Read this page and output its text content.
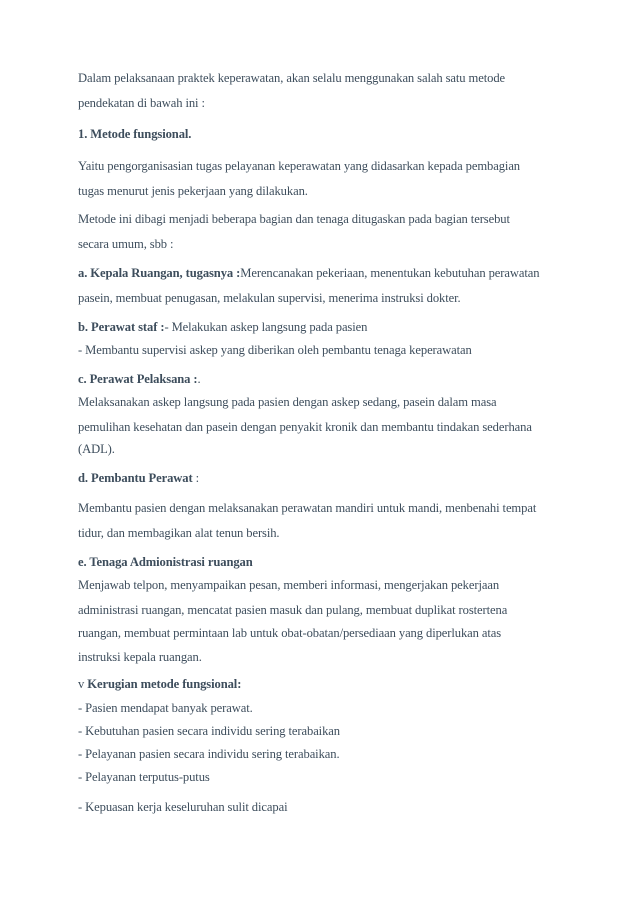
Dalam pelaksanaan praktek keperawatan, akan selalu menggunakan salah satu metode
pendekatan di bawah ini :
1. Metode fungsional.
Yaitu pengorganisasian tugas pelayanan keperawatan yang didasarkan kepada pembagian
tugas menurut jenis pekerjaan yang dilakukan.
Metode ini dibagi menjadi beberapa bagian dan tenaga ditugaskan pada bagian tersebut
secara umum, sbb :
a. Kepala Ruangan, tugasnya :Merencanakan pekeriaan, menentukan kebutuhan perawatan
pasein, membuat penugasan, melakulan supervisi, menerima instruksi dokter.
b. Perawat staf :- Melakukan askep langsung pada pasien
- Membantu supervisi askep yang diberikan oleh pembantu tenaga keperawatan
c. Perawat Pelaksana :.
Melaksanakan askep langsung pada pasien dengan askep sedang, pasein dalam masa
pemulihan kesehatan dan pasein dengan penyakit kronik dan membantu tindakan sederhana
(ADL).
d. Pembantu Perawat :
Membantu pasien dengan melaksanakan perawatan mandiri untuk mandi, menbenahi tempat
tidur, dan membagikan alat tenun bersih.
e. Tenaga Admionistrasi ruangan
Menjawab telpon, menyampaikan pesan, memberi informasi, mengerjakan pekerjaan
administrasi ruangan, mencatat pasien masuk dan pulang, membuat duplikat rostertena
ruangan, membuat permintaan lab untuk obat-obatan/persediaan yang diperlukan atas
instruksi kepala ruangan.
v Kerugian metode fungsional:
- Pasien mendapat banyak perawat.
- Kebutuhan pasien secara individu sering terabaikan
- Pelayanan pasien secara individu sering terabaikan.
- Pelayanan terputus-putus
- Kepuasan kerja keseluruhan sulit dicapai
